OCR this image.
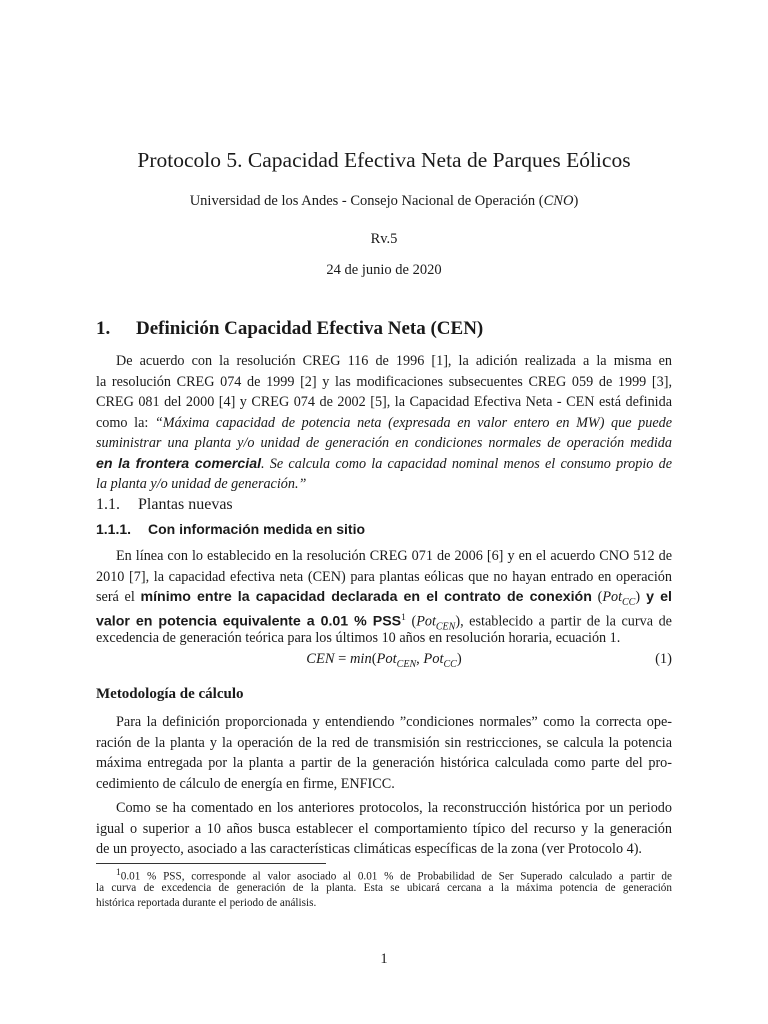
Protocolo 5. Capacidad Efectiva Neta de Parques Eólicos
Universidad de los Andes - Consejo Nacional de Operación (CNO)
Rv.5
24 de junio de 2020
1. Definición Capacidad Efectiva Neta (CEN)
De acuerdo con la resolución CREG 116 de 1996 [1], la adición realizada a la misma en
la resolución CREG 074 de 1999 [2] y las modificaciones subsecuentes CREG 059 de 1999 [3],
CREG 081 del 2000 [4] y CREG 074 de 2002 [5], la Capacidad Efectiva Neta - CEN está definida
como la: “Máxima capacidad de potencia neta (expresada en valor entero en MW) que puede
suministrar una planta y/o unidad de generación en condiciones normales de operación medida
en la frontera comercial. Se calcula como la capacidad nominal menos el consumo propio de
la planta y/o unidad de generación.”
1.1. Plantas nuevas
1.1.1. Con información medida en sitio
En línea con lo establecido en la resolución CREG 071 de 2006 [6] y en el acuerdo CNO 512 de
2010 [7], la capacidad efectiva neta (CEN) para plantas eólicas que no hayan entrado en operación
será el mínimo entre la capacidad declarada en el contrato de conexión (Pot$_{CC}$) y el
valor en potencia equivalente a 0.01 % PSS$^1$ (Pot$_{CEN}$), establecido a partir de la curva de
excedencia de generación teórica para los últimos 10 años en resolución horaria, ecuación 1.
CEN = min(Pot$_{CEN}$, Pot$_{CC}$)	(1)
Metodología de cálculo
Para la definición proporcionada y entendiendo ”condiciones normales” como la correcta ope-
ración de la planta y la operación de la red de transmisión sin restricciones, se calcula la potencia
máxima entregada por la planta a partir de la generación histórica calculada como parte del pro-
cedimiento de cálculo de energía en firme, ENFICC.
Como se ha comentado en los anteriores protocolos, la reconstrucción histórica por un periodo
igual o superior a 10 años busca establecer el comportamiento típico del recurso y la generación
de un proyecto, asociado a las características climáticas específicas de la zona (ver Protocolo 4).
$^1$0.01 % PSS, corresponde al valor asociado al 0.01 % de Probabilidad de Ser Superado calculado a partir de
la curva de excedencia de generación de la planta. Esta se ubicará cercana a la máxima potencia de generación
histórica reportada durante el periodo de análisis.
1
